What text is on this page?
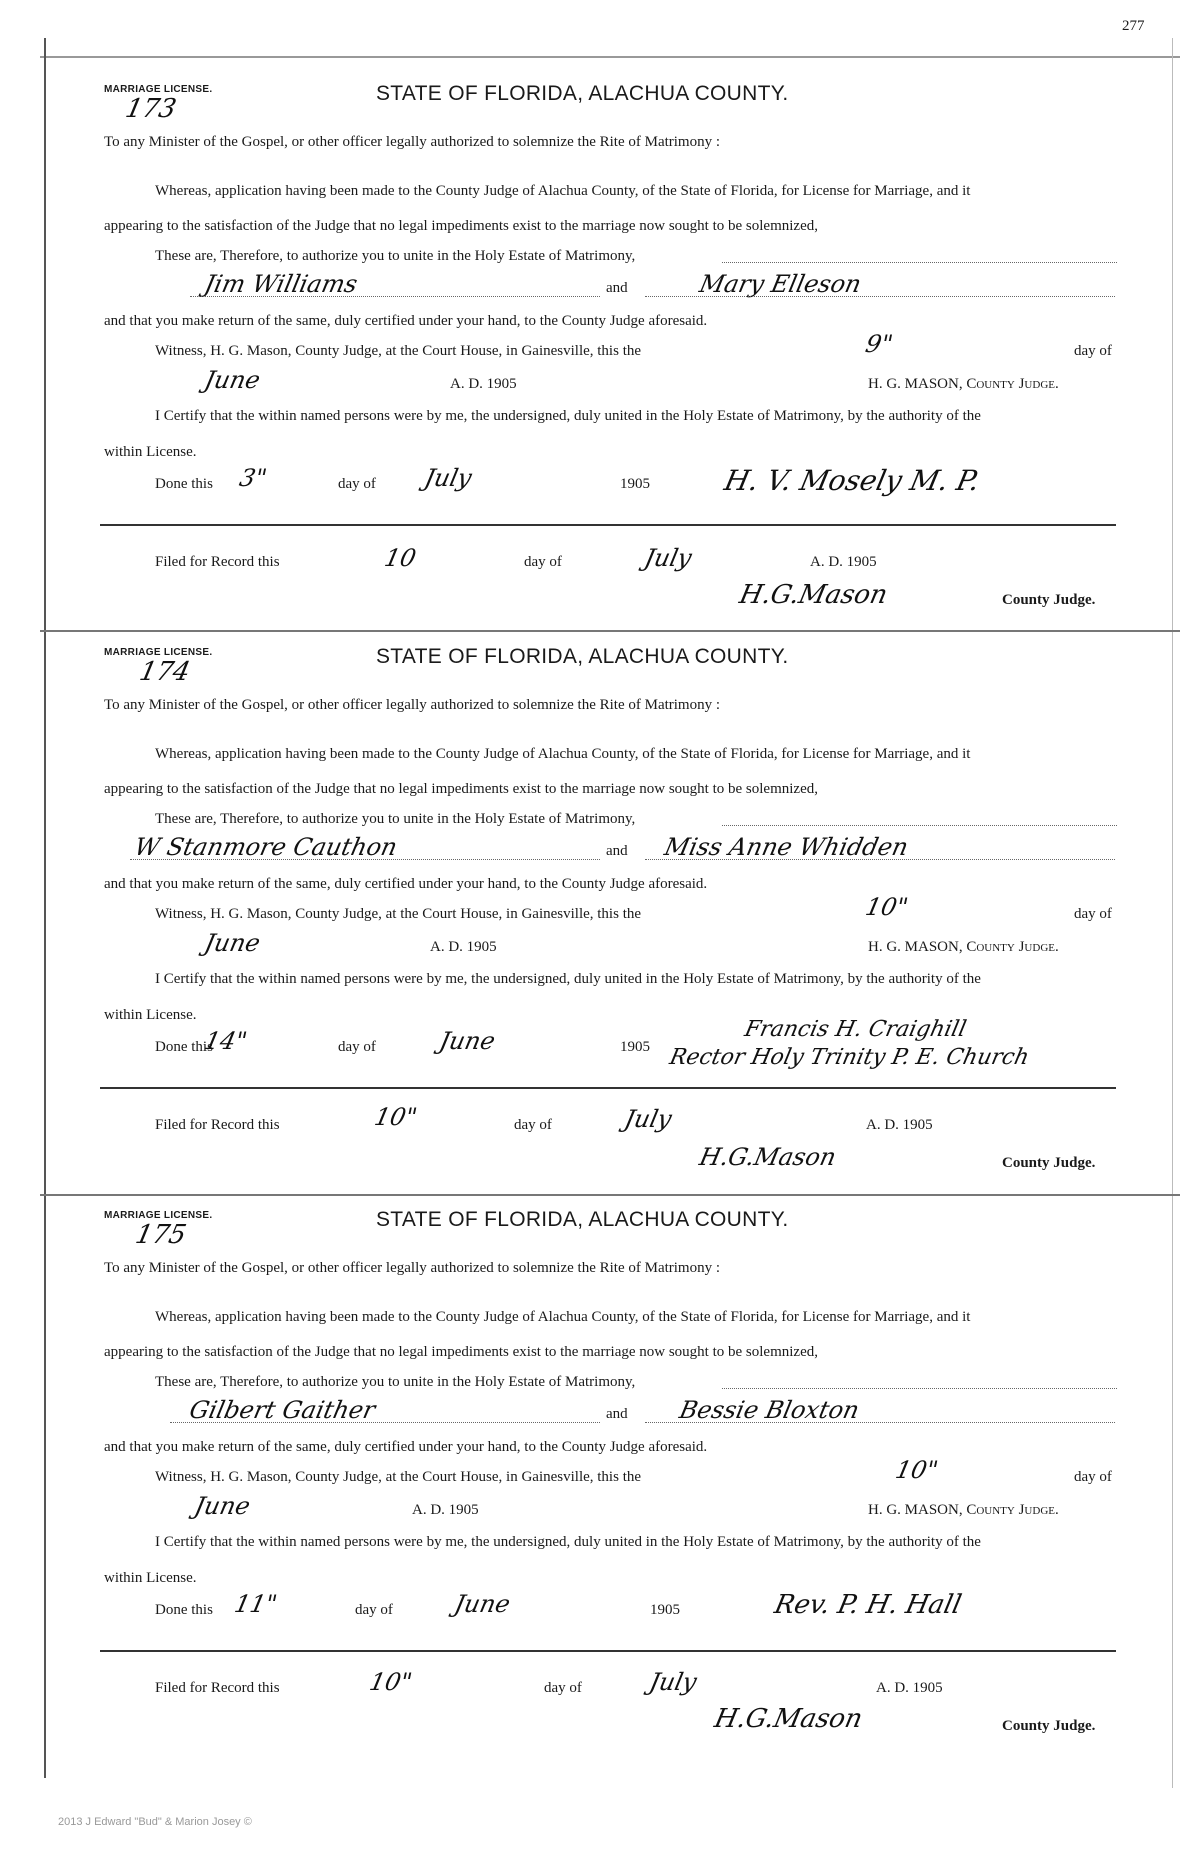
277
MARRIAGE LICENSE.
173
STATE OF FLORIDA, ALACHUA COUNTY.
To any Minister of the Gospel, or other officer legally authorized to solemnize the Rite of Matrimony :
Whereas, application having been made to the County Judge of Alachua County, of the State of Florida, for License for Marriage, and it
appearing to the satisfaction of the Judge that no legal impediments exist to the marriage now sought to be solemnized,
These are, Therefore, to authorize you to unite in the Holy Estate of Matrimony,
Jim Williams	and	Mary Elleson
and that you make return of the same, duly certified under your hand, to the County Judge aforesaid.
Witness, H. G. Mason, County Judge, at the Court House, in Gainesville, this the	9"	day of
June	A. D. 1905	H. G. MASON, County Judge.
I Certify that the within named persons were by me, the undersigned, duly united in the Holy Estate of Matrimony, by the authority of the
within License.
Done this 3"	day of July	1905	H. V. Mosely M. P.
Filed for Record this	10	day of	July	A. D. 1905
H.G.Mason	County Judge.
MARRIAGE LICENSE.
174
STATE OF FLORIDA, ALACHUA COUNTY.
To any Minister of the Gospel, or other officer legally authorized to solemnize the Rite of Matrimony :
Whereas, application having been made to the County Judge of Alachua County, of the State of Florida, for License for Marriage, and it
appearing to the satisfaction of the Judge that no legal impediments exist to the marriage now sought to be solemnized,
These are, Therefore, to authorize you to unite in the Holy Estate of Matrimony,
W Stanmore Cauthon	and Miss Anne Whidden
and that you make return of the same, duly certified under your hand, to the County Judge aforesaid.
Witness, H. G. Mason, County Judge, at the Court House, in Gainesville, this the	10"	day of
June	A. D. 1905	H. G. MASON, County Judge.
I Certify that the within named persons were by me, the undersigned, duly united in the Holy Estate of Matrimony, by the authority of the
within License.
Done this
14"	day of	June	1905
Francis H. Craighill
Rector Holy Trinity P. E. Church
Filed for Record this	10"	day of	July	A. D. 1905
H.G.Mason	County Judge.
MARRIAGE LICENSE.
175
STATE OF FLORIDA, ALACHUA COUNTY.
To any Minister of the Gospel, or other officer legally authorized to solemnize the Rite of Matrimony :
Whereas, application having been made to the County Judge of Alachua County, of the State of Florida, for License for Marriage, and it
appearing to the satisfaction of the Judge that no legal impediments exist to the marriage now sought to be solemnized,
These are, Therefore, to authorize you to unite in the Holy Estate of Matrimony,
Gilbert Gaither	and Bessie Bloxton
and that you make return of the same, duly certified under your hand, to the County Judge aforesaid.
Witness, H. G. Mason, County Judge, at the Court House, in Gainesville, this the	10"	day of
June	A. D. 1905	H. G. MASON, County Judge.
I Certify that the within named persons were by me, the undersigned, duly united in the Holy Estate of Matrimony, by the authority of the
within License.
Done this 11"	day of June	1905	Rev. P. H. Hall
Filed for Record this	10"	day of	July	A. D. 1905
H.G.Mason	County Judge.
2013 J Edward "Bud" & Marion Josey ©
